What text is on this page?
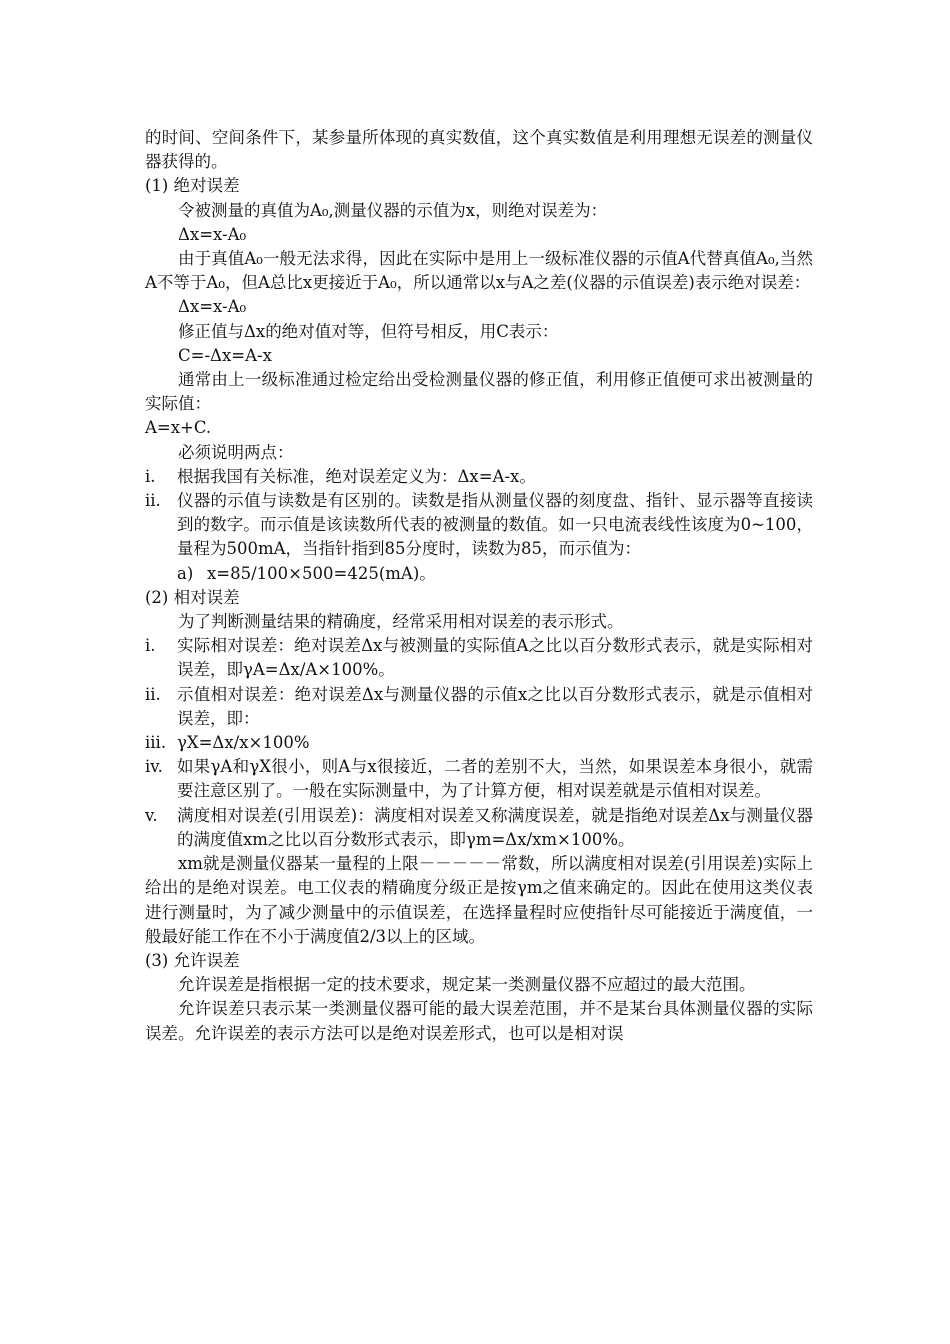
的时间、空间条件下，某参量所体现的真实数值，这个真实数值是利用理想无误差的测量仪器获得的。

(1) 绝对误差

令被测量的真值为A₀,测量仪器的示值为x，则绝对误差为：

Δx=x-A₀

由于真值A₀一般无法求得，因此在实际中是用上一级标准仪器的示值A代替真值A₀,当然A不等于A₀，但A总比x更接近于A₀，所以通常以x与A之差(仪器的示值误差)表示绝对误差：

Δx=x-A₀

修正值与Δx的绝对值对等，但符号相反，用C表示：

C=-Δx=A-x

通常由上一级标准通过检定给出受检测量仪器的修正值，利用修正值便可求出被测量的实际值：

A=x+C.

必须说明两点：

i.	根据我国有关标准，绝对误差定义为：Δx=A-x。
ii. 仪器的示值与读数是有区别的。读数是指从测量仪器的刻度盘、指针、显示器等直接读到的数字。而示值是该读数所代表的被测量的数值。如一只电流表线性该度为0~100，量程为500mA，当指针指到85分度时，读数为85，而示值为：
a) x=85/100×500=425(mA)。

(2) 相对误差

为了判断测量结果的精确度，经常采用相对误差的表示形式。

i.	实际相对误差：绝对误差Δx与被测量的实际值A之比以百分数形式表示，就是实际相对误差，即γA=Δx/A×100%。
ii. 示值相对误差：绝对误差Δx与测量仪器的示值x之比以百分数形式表示，就是示值相对误差，即：
iii. γX=Δx/x×100%
iv. 如果γA和γX很小，则A与x很接近，二者的差别不大，当然，如果误差本身很小，就需要注意区别了。一般在实际测量中，为了计算方便，相对误差就是示值相对误差。
v.	满度相对误差(引用误差)：满度相对误差又称满度误差，就是指绝对误差Δx与测量仪器的满度值xm之比以百分数形式表示，即γm=Δx/xm×100%。

xm就是测量仪器某一量程的上限－－－－－常数，所以满度相对误差(引用误差)实际上给出的是绝对误差。电工仪表的精确度分级正是按γm之值来确定的。因此在使用这类仪表进行测量时，为了减少测量中的示值误差，在选择量程时应使指针尽可能接近于满度值，一般最好能工作在不小于满度值2/3以上的区域。

(3) 允许误差

允许误差是指根据一定的技术要求，规定某一类测量仪器不应超过的最大范围。

允许误差只表示某一类测量仪器可能的最大误差范围，并不是某台具体测量仪器的实际误差。允许误差的表示方法可以是绝对误差形式，也可以是相对误
